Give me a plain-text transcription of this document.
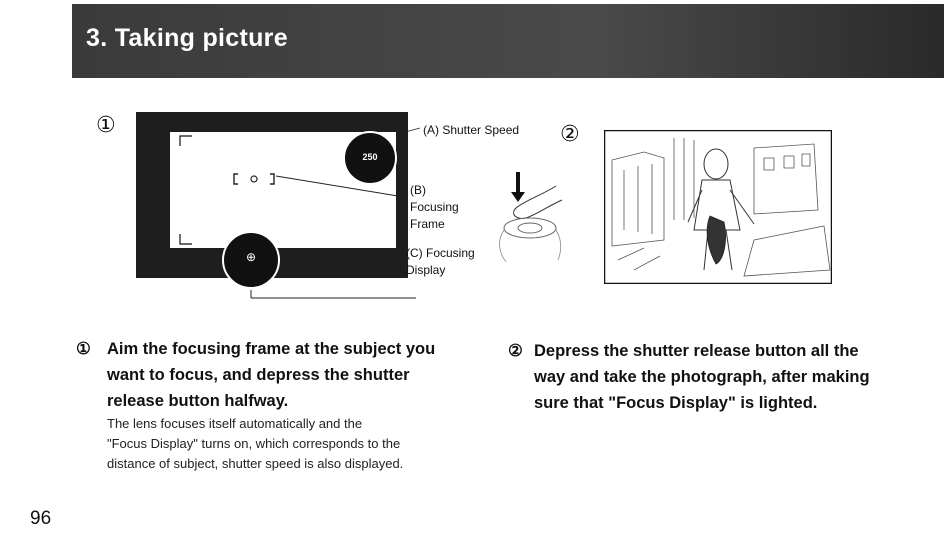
3. Taking picture
①
250
⊕
(A) Shutter Speed
(B)
Focusing
Frame
(C) Focusing
Display
②
① Aim the focusing frame at the subject you
want to focus, and depress the shutter
release button halfway.
The lens focuses itself automatically and the
"Focus Display" turns on, which corresponds to the
distance of subject, shutter speed is also displayed.
② Depress the shutter release button all the
way and take the photograph, after making
sure that "Focus Display" is lighted.
96
